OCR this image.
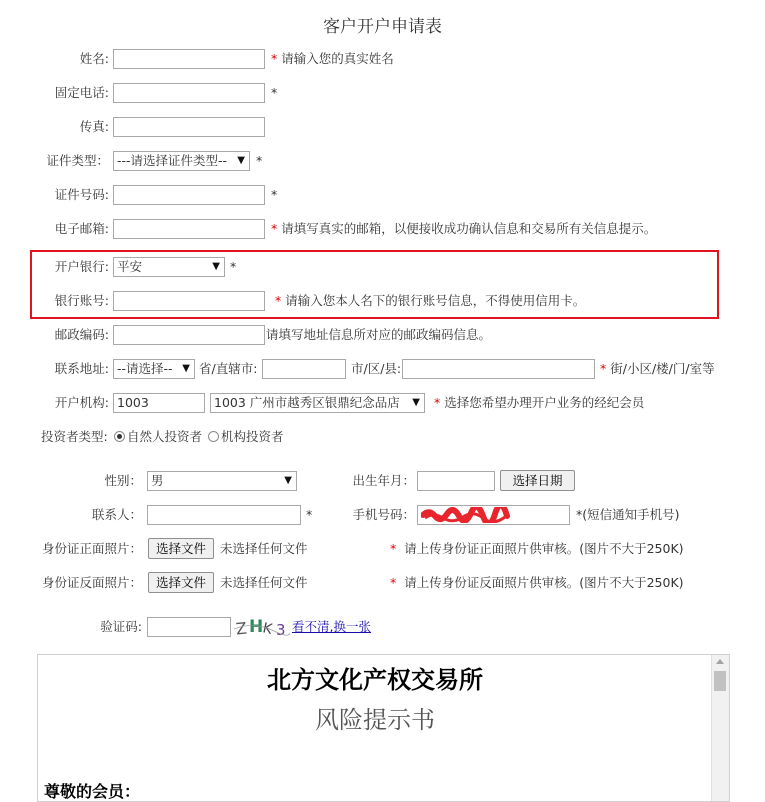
客户开户申请表
姓名:	* 请输入您的真实姓名
固定电话:	*
传真:
证件类型： ---请选择证件类型-- ▼ *
证件号码:	*
电子邮箱:	* 请填写真实的邮箱，以便接收成功确认信息和交易所有关信息提示。
开户银行: 平安	▼ *
银行账号:	* 请输入您本人名下的银行账号信息，不得使用信用卡。
邮政编码:	请填写地址信息所对应的邮政编码信息。
联系地址: --请选择-- ▼ 省/直辖市:	市/区/县:	* 街/小区/楼/门/室等
开户机构: 1003	1003 广州市越秀区银鼎纪念品店 ▼ * 选择您希望办理开户业务的经纪会员
投资者类型: 自然人投资者 机构投资者
性别： 男	▼	出生年月：	选择日期
联系人：	*	手机号码：	*(短信通知手机号)
身份证正面照片：	选择文件	未选择任何文件	* 请上传身份证正面照片供审核。(图片不大于250K)
身份证反面照片：	选择文件	未选择任何文件	* 请上传身份证反面照片供审核。(图片不大于250K)
验证码:	Z H
K 3 看不清,换一张
北方文化产权交易所
风险提示书
尊敬的会员：
